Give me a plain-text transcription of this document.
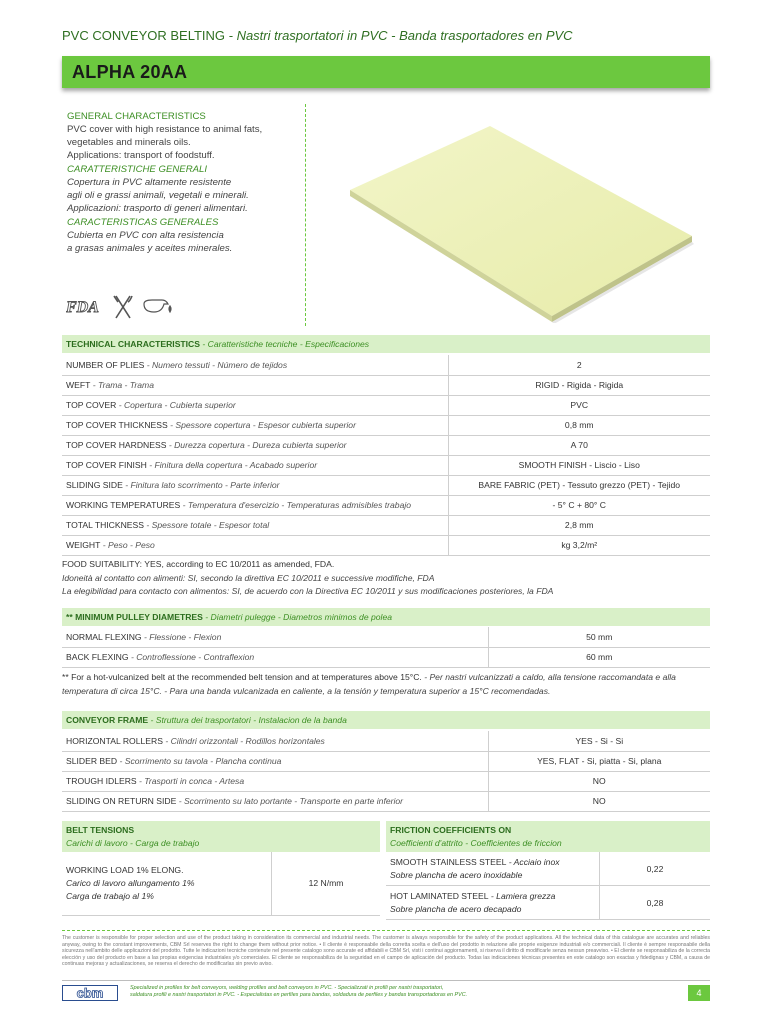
PVC CONVEYOR BELTING - Nastri trasportatori in PVC - Banda trasportadores en PVC
ALPHA 20AA
GENERAL CHARACTERISTICS
PVC cover with high resistance to animal fats,
vegetables and minerals oils.
Applications: transport of foodstuff.
CARATTERISTICHE GENERALI
Copertura in PVC altamente resistente
agli oli e grassi animali, vegetali e minerali.
Applicazioni: trasporto di generi alimentari.
CARACTERISTICAS GENERALES
Cubierta en PVC con alta resistencia
a grasas animales y aceites minerales.
FDA
TECHNICAL CHARACTERISTICS - Caratteristiche tecniche - Especificaciones
NUMBER OF PLIES - Numero tessuti - Número de tejidos	2
WEFT - Trama - Trama	RIGID - Rigida - Rigida
TOP COVER - Copertura - Cubierta superior	PVC
TOP COVER THICKNESS - Spessore copertura - Espesor cubierta superior	0,8 mm
TOP COVER HARDNESS - Durezza copertura - Dureza cubierta superior	A 70
TOP COVER FINISH - Finitura della copertura - Acabado superior	SMOOTH FINISH - Liscio - Liso
SLIDING SIDE - Finitura lato scorrimento - Parte inferior	BARE FABRIC (PET) - Tessuto grezzo (PET) - Tejido
WORKING TEMPERATURES - Temperatura d'esercizio - Temperaturas admisibles trabajo	- 5° C + 80° C
TOTAL THICKNESS - Spessore totale - Espesor total	2,8 mm
WEIGHT - Peso - Peso	kg 3,2/m²
FOOD SUITABILITY: YES, according to EC 10/2011 as amended, FDA.
Idoneità al contatto con alimenti: SI, secondo la direttiva EC 10/2011 e successive modifiche, FDA
La elegibilidad para contacto con alimentos: SI, de acuerdo con la Directiva EC 10/2011 y sus modificaciones posteriores, la FDA
** MINIMUM PULLEY DIAMETRES - Diametri pulegge - Diametros minimos de polea
NORMAL FLEXING - Flessione - Flexion	50 mm
BACK FLEXING - Controflessione - Contraflexion	60 mm
** For a hot-vulcanized belt at the recommended belt tension and at temperatures above 15°C. - Per nastri vulcanizzati a caldo, alla tensione raccomandata e alla temperatura di circa 15°C. - Para una banda vulcanizada en caliente, a la tensión y temperatura superior a 15°C recomendadas.
CONVEYOR FRAME - Struttura dei trasportatori - Instalacion de la banda
HORIZONTAL ROLLERS - Cilindri orizzontali - Rodillos horizontales	YES - Si - Si
SLIDER BED - Scorrimento su tavola - Plancha continua	YES, FLAT - Si, piatta - Si, plana
TROUGH IDLERS - Trasporti in conca - Artesa	NO
SLIDING ON RETURN SIDE - Scorrimento su lato portante - Transporte en parte inferior	NO
BELT TENSIONS
Carichi di lavoro - Carga de trabajo
WORKING LOAD 1% ELONG.
Carico di lavoro allungamento 1%
Carga de trabajo al 1%
12 N/mm
FRICTION COEFFICIENTS ON
Coefficienti d'attrito - Coefficientes de friccion
SMOOTH STAINLESS STEEL - Acciaio inox
Sobre plancha de acero inoxidable
0,22
HOT LAMINATED STEEL - Lamiera grezza
Sobre plancha de acero decapado
0,28
The customer is responsible for proper selection and use of the product taking in consideration its commercial and industrial needs. The customer is always responsible for the safety of the product applications. All the technical data of this catalogue are accurates and reliables anyway, owing to the constant improvements, CBM Srl reserves the right to change them without prior notice. • Il cliente è responsabile della corretta scelta e dell'uso del prodotto in relazione alle proprie esigenze industriali e/o commerciali. Il cliente è sempre responsabile della sicurezza nell'ambito delle applicazioni del prodotto. Tutte le indicazioni tecniche contenute nel presente catalogo sono accurate ed affidabili e CBM Srl, visti i continui aggiornamenti, si riserva il diritto di modificarle senza nessun preavviso. • El cliente se responsabiliza de la correcta elección y uso del producto en base a las propias exigencias industriales y/o comerciales. El cliente se responsabiliza de la seguridad en el campo de aplicación del producto. Todas las indicaciones técnicas presentes en este catalogo son exactas y fidedignas y CBM, a causa de continuas mejoras y actualizaciones, se reserva el derecho de modificarlas sin previo aviso.
cbm	Specialized in profiles for belt conveyors, welding profiles and belt conveyors in PVC. - Specializzati in profili per nastri trasportatori,
saldatura profili e nastri trasportatori in PVC. - Especialistas en perfiles para bandas, soldadura de perfiles y bandas transportadoras en PVC.	4
